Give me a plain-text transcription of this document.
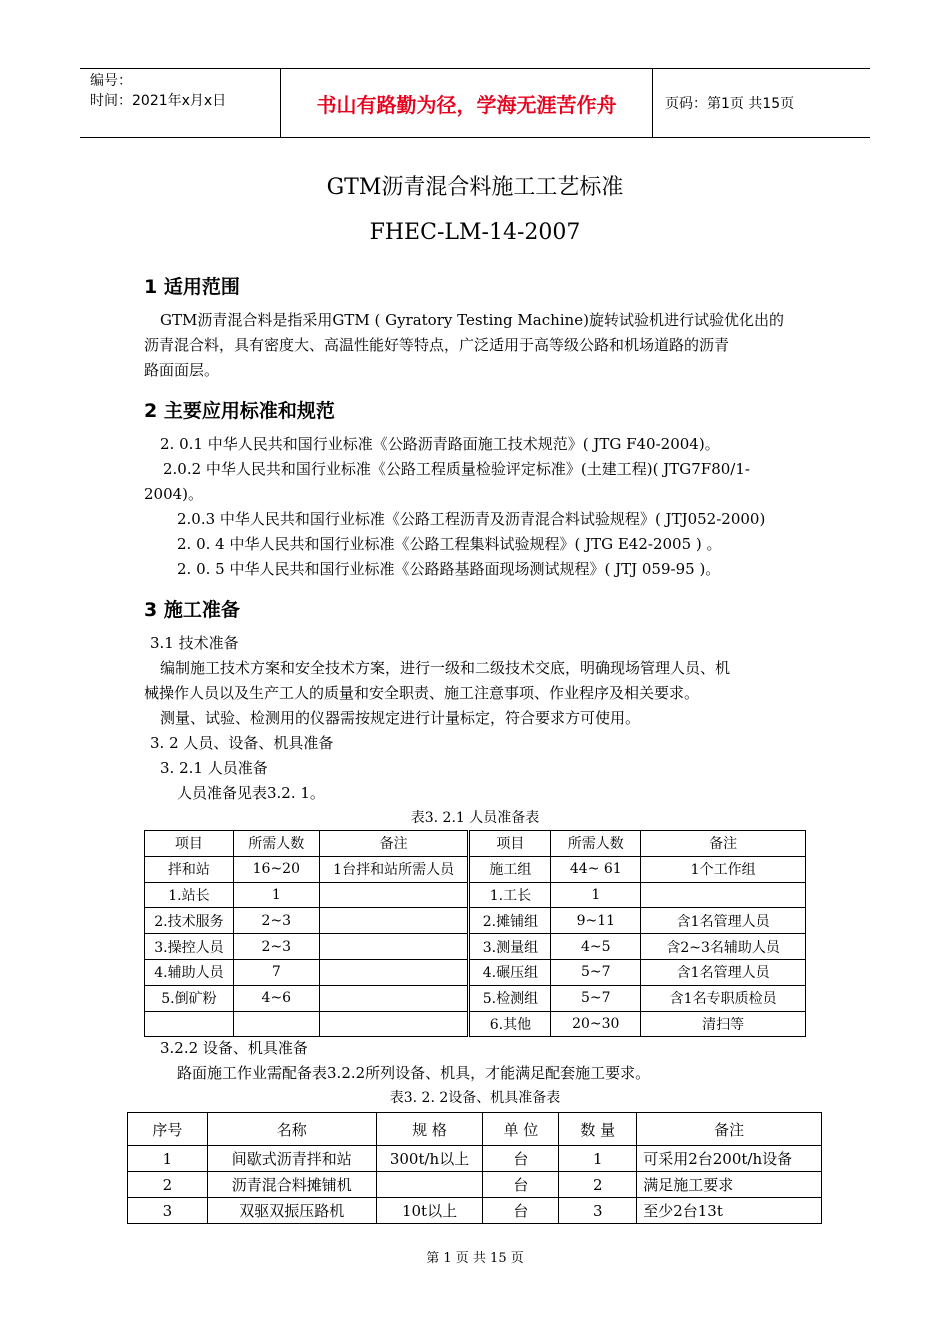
编号：
时间：2021年x月x日	书山有路勤为径，学海无涯苦作舟	页码：第1页 共15页
GTM沥青混合料施工工艺标准
FHEC-LM-14-2007
1 适用范围
GTM沥青混合料是指采用GTM ( Gyratory Testing Machine)旋转试验机进行试验优化出的
沥青混合料，具有密度大、高温性能好等特点，广泛适用于高等级公路和机场道路的沥青
路面面层。
2 主要应用标准和规范
2. 0.1 中华人民共和国行业标准《公路沥青路面施工技术规范》( JTG F40-2004)。
2.0.2 中华人民共和国行业标准《公路工程质量检验评定标准》(土建工程)( JTG7F80/1-
2004)。
2.0.3 中华人民共和国行业标准《公路工程沥青及沥青混合料试验规程》( JTJ052-2000)
2. 0. 4 中华人民共和国行业标准《公路工程集料试验规程》( JTG E42-2005 ) 。
2. 0. 5 中华人民共和国行业标准《公路路基路面现场测试规程》( JTJ 059-95 )。
3 施工准备
3.1 技术准备
编制施工技术方案和安全技术方案，进行一级和二级技术交底，明确现场管理人员、机
械操作人员以及生产工人的质量和安全职责、施工注意事项、作业程序及相关要求。
测量、试验、检测用的仪器需按规定进行计量标定，符合要求方可使用。
3. 2 人员、设备、机具准备
3. 2.1 人员准备
人员准备见表3.2. 1。
表3. 2.1 人员准备表
项目	所需人数	备注	项目	所需人数	备注
拌和站	16~20	1台拌和站所需人员	施工组	44~ 61	1个工作组
1.站长	1		1.工长	1	
2.技术服务	2~3		2.摊铺组	9~11	含1名管理人员
3.操控人员	2~3		3.测量组	4~5	含2~3名辅助人员
4.辅助人员	7		4.碾压组	5~7	含1名管理人员
5.倒矿粉	4~6		5.检测组	5~7	含1名专职质检员
			6.其他	20~30	清扫等
3.2.2 设备、机具准备
路面施工作业需配备表3.2.2所列设备、机具，才能满足配套施工要求。
表3. 2. 2设备、机具准备表
序号	名称	规 格	单 位	数 量	备注
1	间歇式沥青拌和站	300t/h以上	台	1	可采用2台200t/h设备
2	沥青混合料摊铺机		台	2	满足施工要求
3	双驱双振压路机	10t以上	台	3	至少2台13t
第 1 页 共 15 页
